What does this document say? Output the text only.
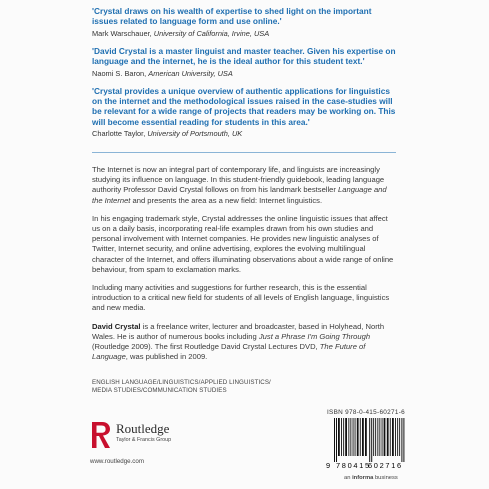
'Crystal draws on his wealth of expertise to shed light on the important issues related to language form and use online.'

Mark Warschauer, University of California, Irvine, USA

'David Crystal is a master linguist and master teacher. Given his expertise on language and the internet, he is the ideal author for this student text.'

Naomi S. Baron, American University, USA

'Crystal provides a unique overview of authentic applications for linguistics on the internet and the methodological issues raised in the case-studies will be relevant for a wide range of projects that readers may be working on. This will become essential reading for students in this area.'

Charlotte Taylor, University of Portsmouth, UK

The Internet is now an integral part of contemporary life, and linguists are increasingly studying its influence on language. In this student-friendly guidebook, leading language authority Professor David Crystal follows on from his landmark bestseller Language and the Internet and presents the area as a new field: Internet linguistics.

In his engaging trademark style, Crystal addresses the online linguistic issues that affect us on a daily basis, incorporating real-life examples drawn from his own studies and personal involvement with Internet companies. He provides new linguistic analyses of Twitter, Internet security, and online advertising, explores the evolving multilingual character of the Internet, and offers illuminating observations about a wide range of online behaviour, from spam to exclamation marks.

Including many activities and suggestions for further research, this is the essential introduction to a critical new field for students of all levels of English language, linguistics and new media.

David Crystal is a freelance writer, lecturer and broadcaster, based in Holyhead, North Wales. He is author of numerous books including Just a Phrase I'm Going Through (Routledge 2009). The first Routledge David Crystal Lectures DVD, The Future of Language, was published in 2009.

ENGLISH LANGUAGE/LINGUISTICS/APPLIED LINGUISTICS/
MEDIA STUDIES/COMMUNICATION STUDIES
Routledge
Taylor & Francis Group
www.routledge.com

ISBN 978-0-415-60271-6

9 780415
602716
an informa business
